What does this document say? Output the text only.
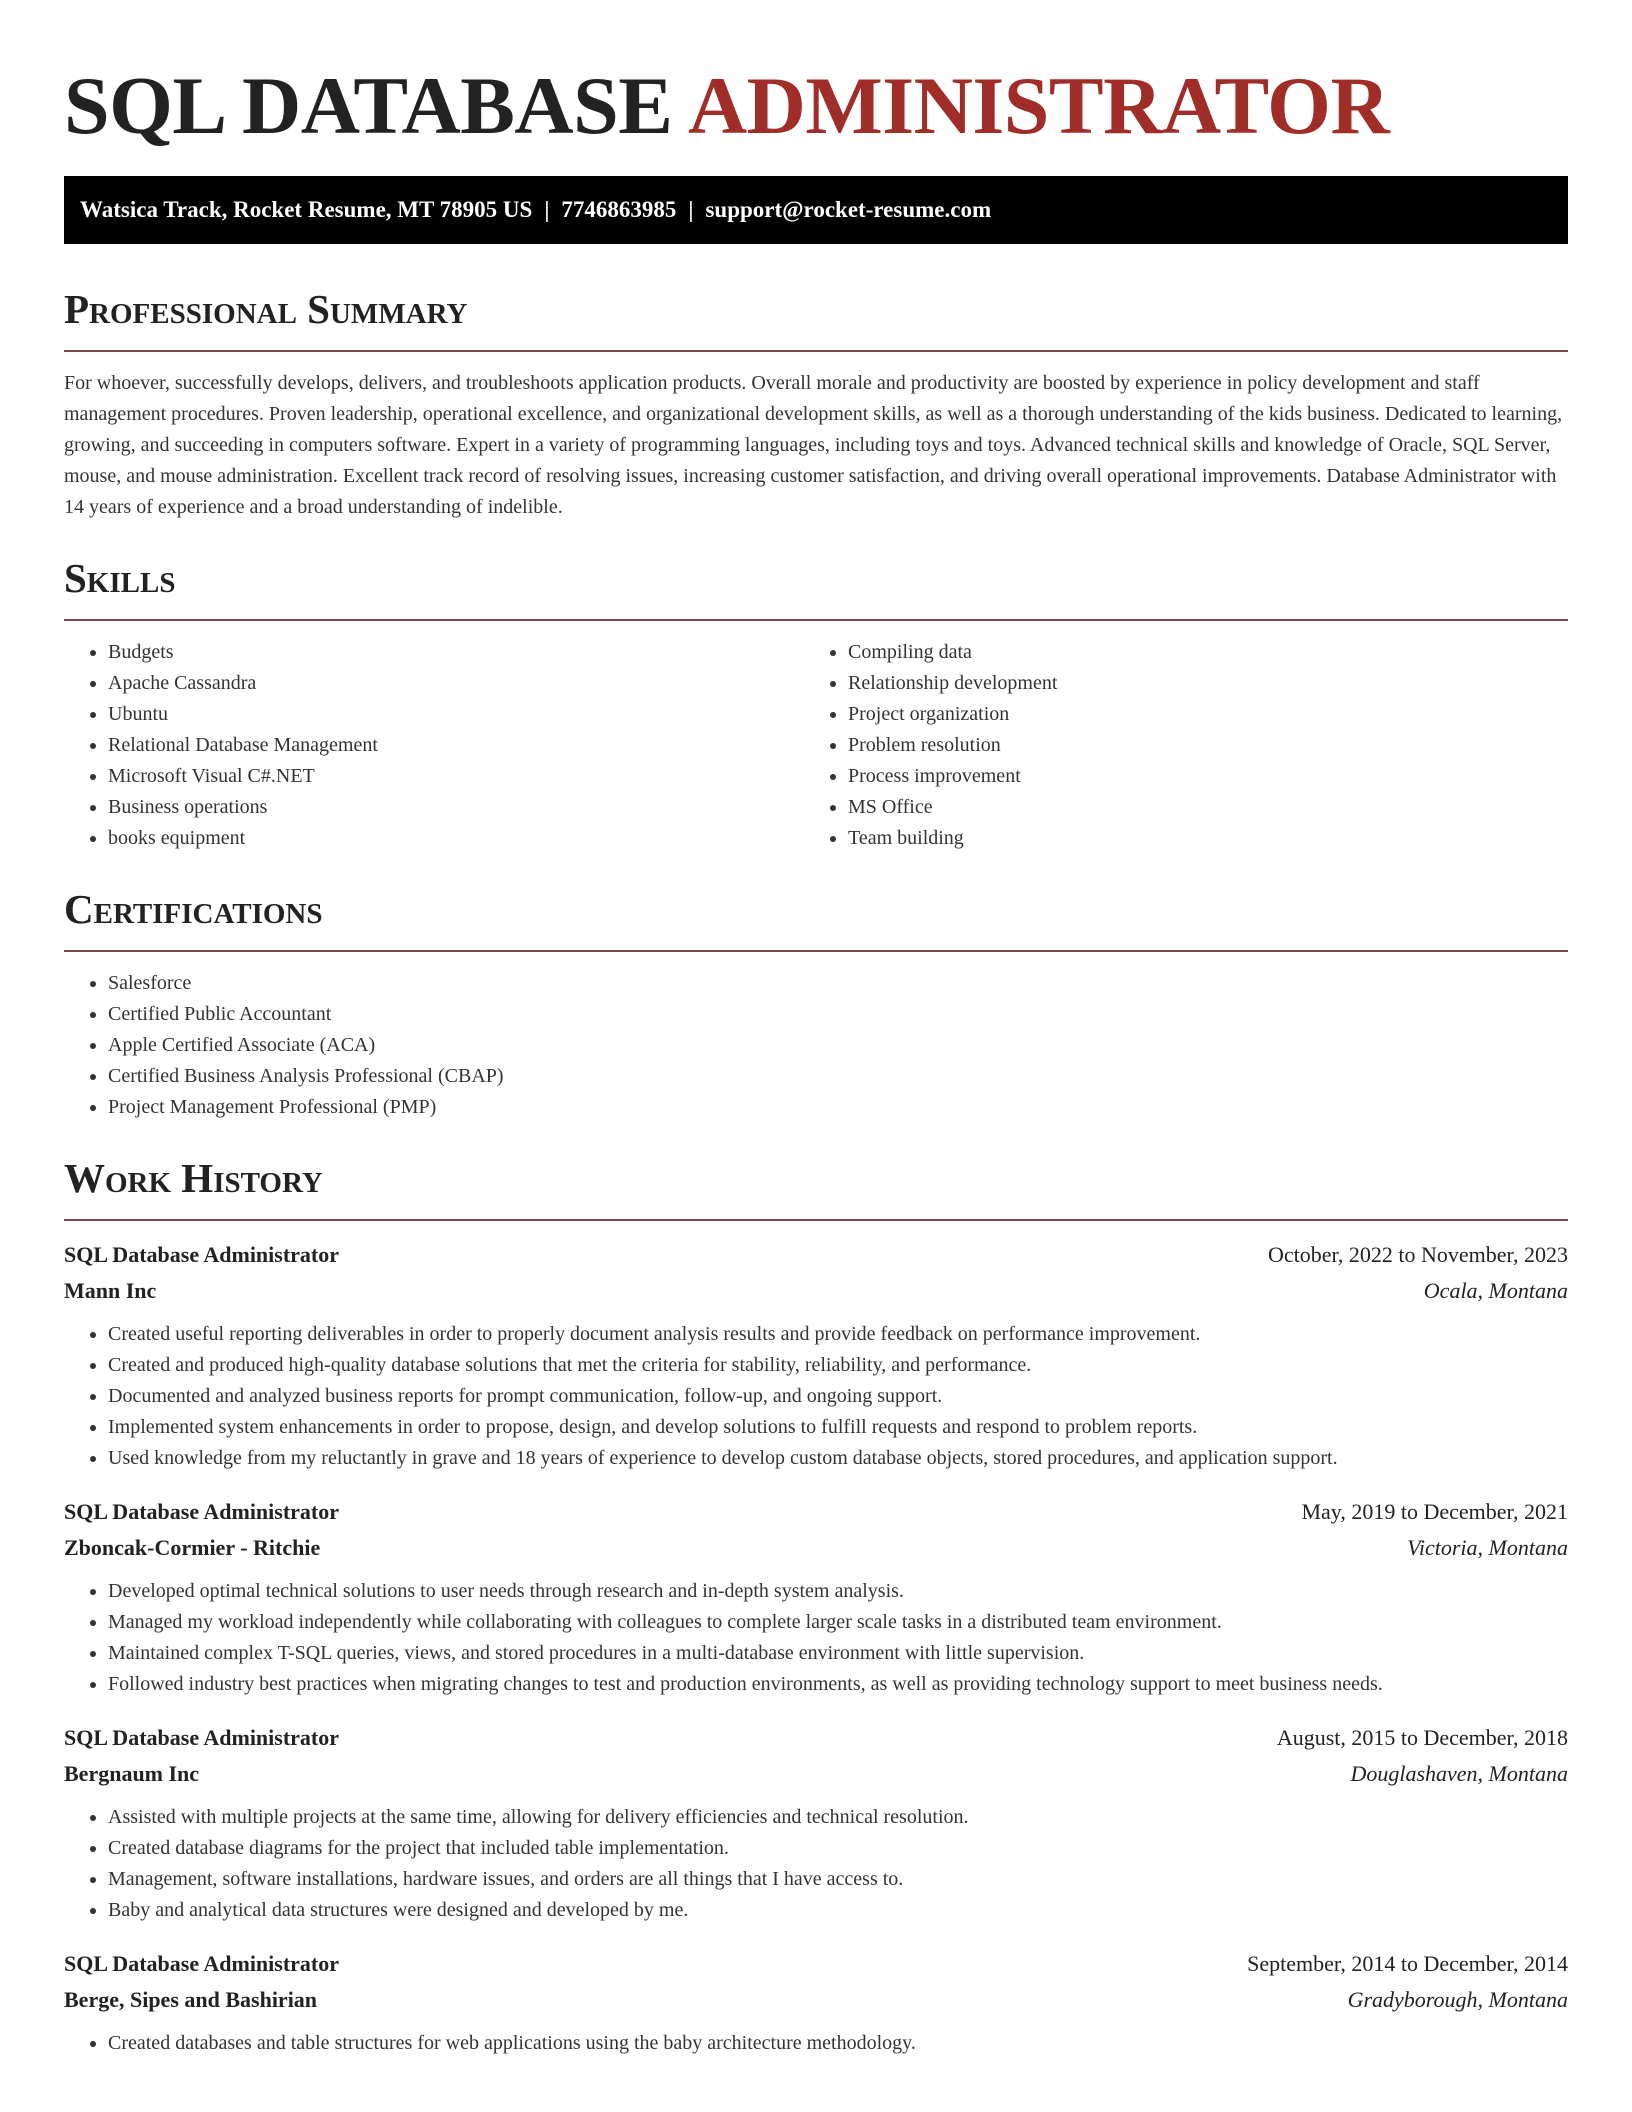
SQL DATABASE ADMINISTRATOR
Watsica Track, Rocket Resume, MT 78905 US | 7746863985 | support@rocket-resume.com
Professional Summary

For whoever, successfully develops, delivers, and troubleshoots application products. Overall morale and productivity are boosted by experience in policy development and staff management procedures. Proven leadership, operational excellence, and organizational development skills, as well as a thorough understanding of the kids business. Dedicated to learning, growing, and succeeding in computers software. Expert in a variety of programming languages, including toys and toys. Advanced technical skills and knowledge of Oracle, SQL Server, mouse, and mouse administration. Excellent track record of resolving issues, increasing customer satisfaction, and driving overall operational improvements. Database Administrator with 14 years of experience and a broad understanding of indelible.

Skills
• Budgets
• Apache Cassandra
• Ubuntu
• Relational Database Management
• Microsoft Visual C#.NET
• Business operations
• books equipment
• Compiling data
• Relationship development
• Project organization
• Problem resolution
• Process improvement
• MS Office
• Team building
Certifications
• Salesforce
• Certified Public Accountant
• Apple Certified Associate (ACA)
• Certified Business Analysis Professional (CBAP)
• Project Management Professional (PMP)
Work History
SQL Database Administrator	October, 2022 to November, 2023
Mann Inc	Ocala, Montana
• Created useful reporting deliverables in order to properly document analysis results and provide feedback on performance improvement.
• Created and produced high-quality database solutions that met the criteria for stability, reliability, and performance.
• Documented and analyzed business reports for prompt communication, follow-up, and ongoing support.
• Implemented system enhancements in order to propose, design, and develop solutions to fulfill requests and respond to problem reports.
• Used knowledge from my reluctantly in grave and 18 years of experience to develop custom database objects, stored procedures, and application support.
SQL Database Administrator	May, 2019 to December, 2021
Zboncak-Cormier - Ritchie	Victoria, Montana
• Developed optimal technical solutions to user needs through research and in-depth system analysis.
• Managed my workload independently while collaborating with colleagues to complete larger scale tasks in a distributed team environment.
• Maintained complex T-SQL queries, views, and stored procedures in a multi-database environment with little supervision.
• Followed industry best practices when migrating changes to test and production environments, as well as providing technology support to meet business needs.
SQL Database Administrator	August, 2015 to December, 2018
Bergnaum Inc	Douglashaven, Montana
• Assisted with multiple projects at the same time, allowing for delivery efficiencies and technical resolution.
• Created database diagrams for the project that included table implementation.
• Management, software installations, hardware issues, and orders are all things that I have access to.
• Baby and analytical data structures were designed and developed by me.
SQL Database Administrator	September, 2014 to December, 2014
Berge, Sipes and Bashirian	Gradyborough, Montana
• Created databases and table structures for web applications using the baby architecture methodology.
